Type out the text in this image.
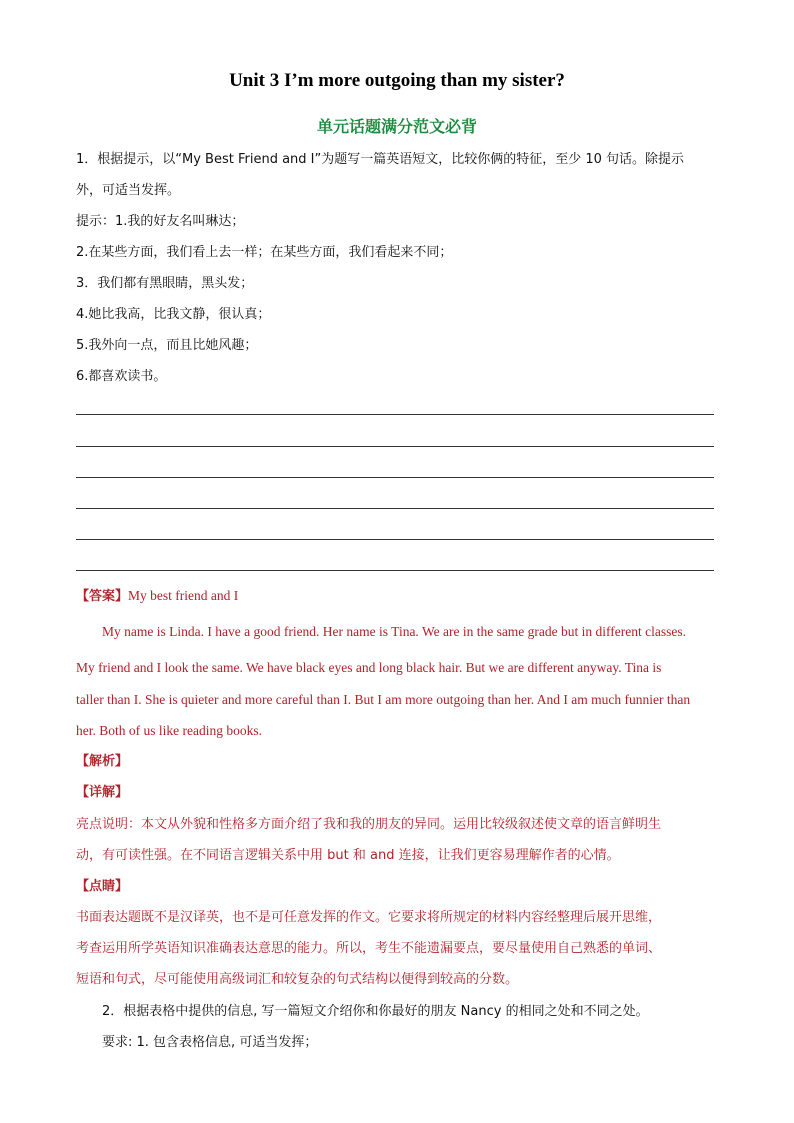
Unit 3 I’m more outgoing than my sister?
单元话题满分范文必背
1．根据提示，以“My Best Friend and I”为题写一篇英语短文，比较你俩的特征，至少 10 句话。除提示
外，可适当发挥。
提示：1.我的好友名叫琳达；
2.在某些方面，我们看上去一样；在某些方面，我们看起来不同；
3．我们都有黑眼睛，黑头发；
4.她比我高，比我文静，很认真；
5.我外向一点，而且比她风趣；
6.都喜欢读书。
【答案】My best friend and I
My name is Linda. I have a good friend. Her name is Tina. We are in the same grade but in different classes.
My friend and I look the same. We have black eyes and long black hair. But we are different anyway. Tina is
taller than I. She is quieter and more careful than I. But I am more outgoing than her. And I am much funnier than
her. Both of us like reading books.
【解析】
【详解】
亮点说明：本文从外貌和性格多方面介绍了我和我的朋友的异同。运用比较级叙述使文章的语言鲜明生
动，有可读性强。在不同语言逻辑关系中用 but 和 and 连接，让我们更容易理解作者的心情。
【点睛】
书面表达题既不是汉译英，也不是可任意发挥的作文。它要求将所规定的材料内容经整理后展开思维，
考查运用所学英语知识准确表达意思的能力。所以，考生不能遗漏要点，要尽量使用自己熟悉的单词、
短语和句式，尽可能使用高级词汇和较复杂的句式结构以便得到较高的分数。
2．根据表格中提供的信息, 写一篇短文介绍你和你最好的朋友 Nancy 的相同之处和不同之处。
要求: 1. 包含表格信息, 可适当发挥；
